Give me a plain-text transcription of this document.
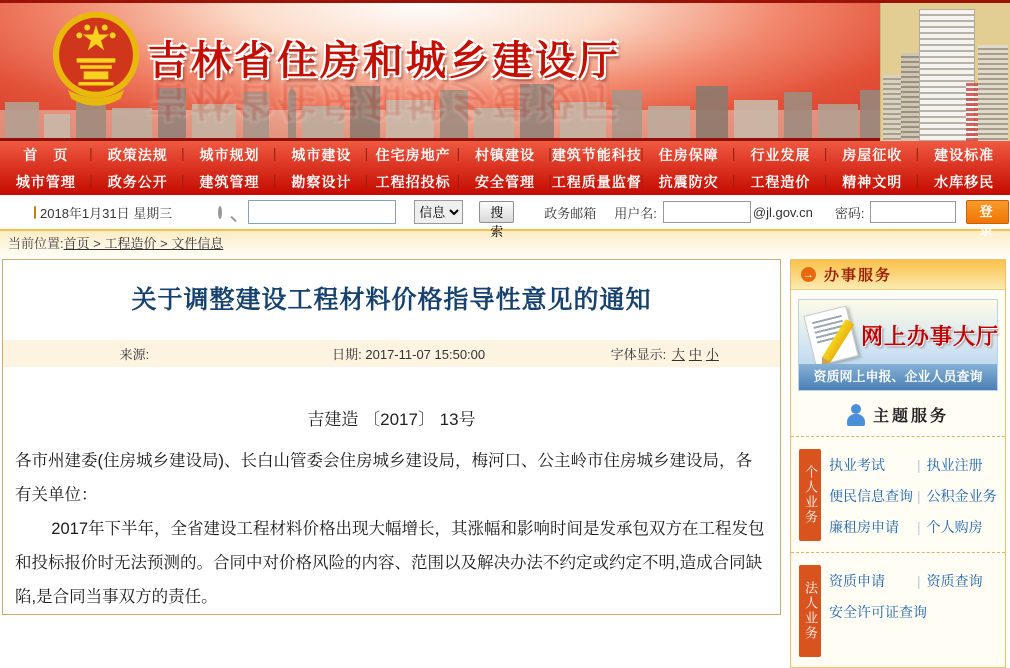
吉林省住房和城乡建设厅
吉林省住房和城乡建设厅
首　页 |	政策法规 |	城市规划 |	城市建设 |	住宅房地产 |	村镇建设 |	建筑节能科技 |	住房保障 |	行业发展 |	房屋征收 |	建设标准
城市管理 |	政务公开 |	建筑管理 |	勘察设计 |	工程招投标 |	安全管理 |	工程质量监督 |	抗震防灾 |	工程造价 |	精神文明 |	水库移民
2018年1月31日 星期三
信息	搜索
政务邮箱 用户名:	@jl.gov.cn 密码:	登 录
当前位置:首页 > 工程造价 > 文件信息
关于调整建设工程材料价格指导性意见的通知
来源:	日期: 2017-11-07 15:50:00	字体显示: 大 中 小
吉建造 〔2017〕 13号

各市州建委(住房城乡建设局)、长白山管委会住房城乡建设局，梅河口、公主岭市住房城乡建设局，各有关单位：

2017年下半年，全省建设工程材料价格出现大幅增长，其涨幅和影响时间是发承包双方在工程发包和投标报价时无法预测的。合同中对价格风险的内容、范围以及解决办法不约定或约定不明,造成合同缺陷,是合同当事双方的责任。

→ 办事服务
网上办事大厅
资质网上申报、企业人员查询
主题服务
个人业务
执业考试	| 执业注册
便民信息查询 | 公积金业务
廉租房申请	| 个人购房
法人业务
资质申请	| 资质查询
安全许可证查询
